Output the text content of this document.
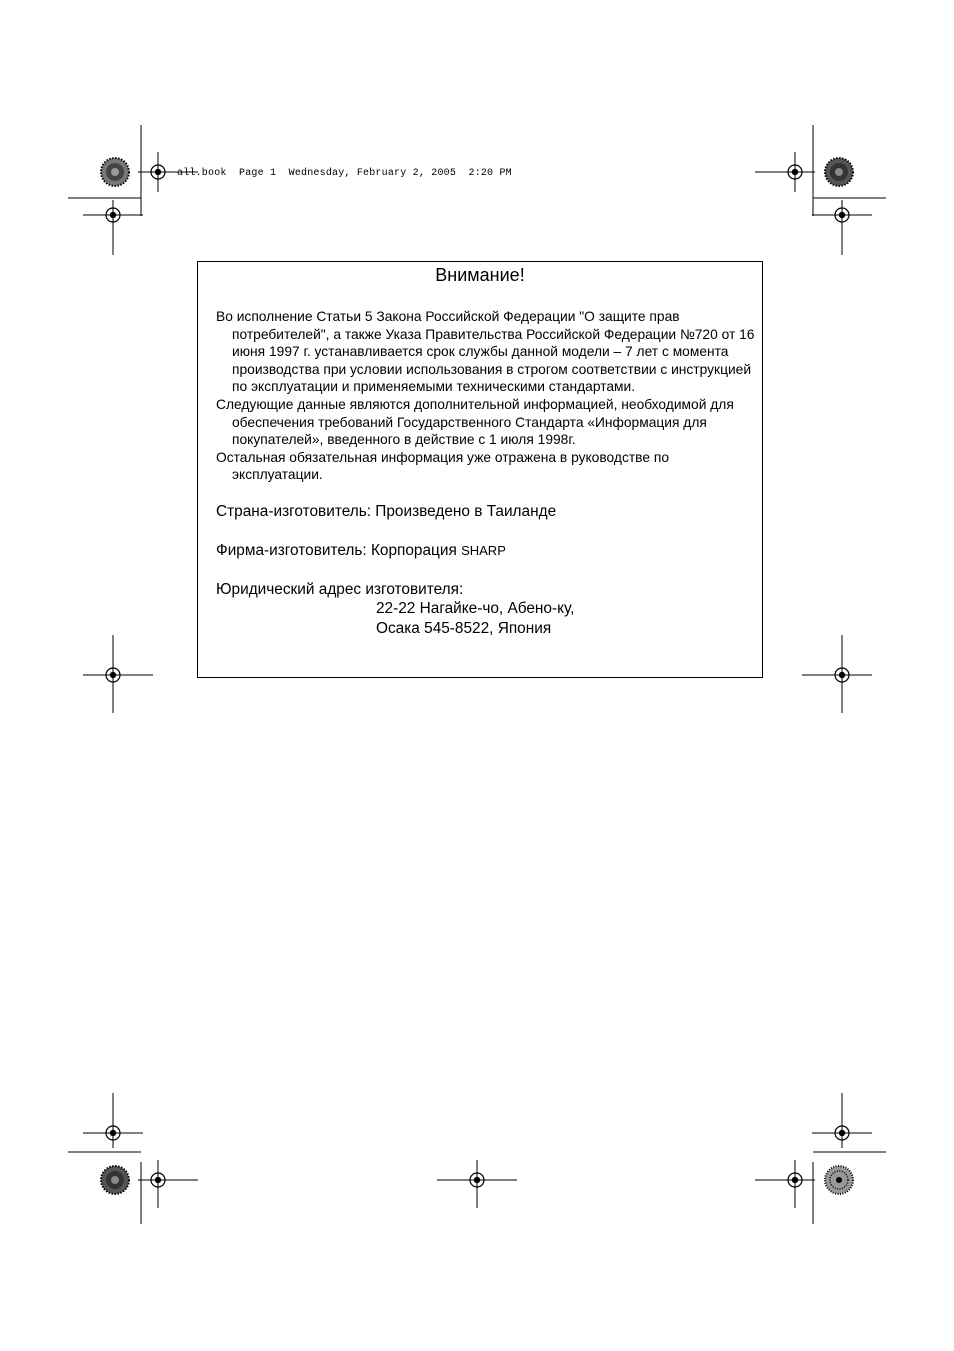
all.book  Page 1  Wednesday, February 2, 2005  2:20 PM
Внимание!

Во исполнение Статьи 5 Закона Российской Федерации "О защите прав потребителей", а также Указа Правительства Российской Федерации №720 от 16 июня 1997 г. устанавливается срок службы данной модели – 7 лет с момента производства при условии использования в строгом соответствии с инструкцией по эксплуатации и применяемыми техническими стандартами.

Следующие данные являются дополнительной информацией, необходимой для обеспечения требований Государственного Стандарта «Информация для покупателей», введенного в действие с 1 июля 1998г.

Остальная обязательная информация уже отражена в руководстве по эксплуатации.

Страна-изготовитель: Произведено в Таиланде
Фирма-изготовитель: Корпорация SHARP
Юридический адрес изготовителя:
22-22 Нагайке-чо, Абено-ку,
Осака 545-8522, Япония
